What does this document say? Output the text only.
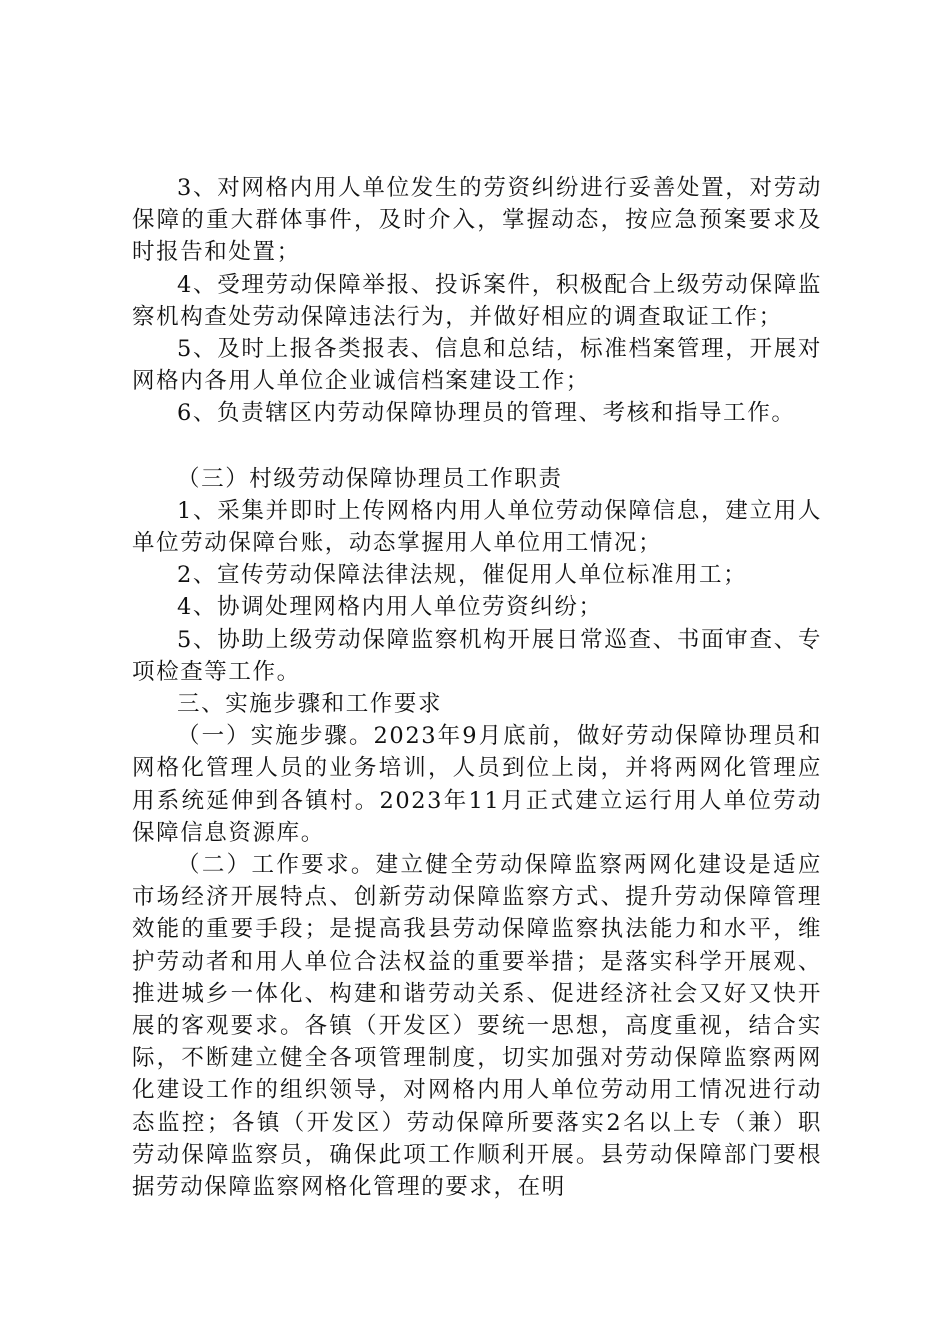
3、对网格内用人单位发生的劳资纠纷进行妥善处置，对劳动保障的重大群体事件，及时介入，掌握动态，按应急预案要求及时报告和处置；

4、受理劳动保障举报、投诉案件，积极配合上级劳动保障监察机构查处劳动保障违法行为，并做好相应的调查取证工作；

5、及时上报各类报表、信息和总结，标准档案管理，开展对网格内各用人单位企业诚信档案建设工作；

6、负责辖区内劳动保障协理员的管理、考核和指导工作。

（三）村级劳动保障协理员工作职责

1、采集并即时上传网格内用人单位劳动保障信息，建立用人单位劳动保障台账，动态掌握用人单位用工情况；

2、宣传劳动保障法律法规，催促用人单位标准用工；

4、协调处理网格内用人单位劳资纠纷；

5、协助上级劳动保障监察机构开展日常巡查、书面审查、专项检查等工作。

三、实施步骤和工作要求

（一）实施步骤。2023年9月底前，做好劳动保障协理员和网格化管理人员的业务培训，人员到位上岗，并将两网化管理应用系统延伸到各镇村。2023年11月正式建立运行用人单位劳动保障信息资源库。

（二）工作要求。建立健全劳动保障监察两网化建设是适应市场经济开展特点、创新劳动保障监察方式、提升劳动保障管理效能的重要手段；是提高我县劳动保障监察执法能力和水平，维护劳动者和用人单位合法权益的重要举措；是落实科学开展观、推进城乡一体化、构建和谐劳动关系、促进经济社会又好又快开展的客观要求。各镇（开发区）要统一思想，高度重视，结合实际，不断建立健全各项管理制度，切实加强对劳动保障监察两网化建设工作的组织领导，对网格内用人单位劳动用工情况进行动态监控；各镇（开发区）劳动保障所要落实2名以上专（兼）职劳动保障监察员，确保此项工作顺利开展。县劳动保障部门要根据劳动保障监察网格化管理的要求，在明
